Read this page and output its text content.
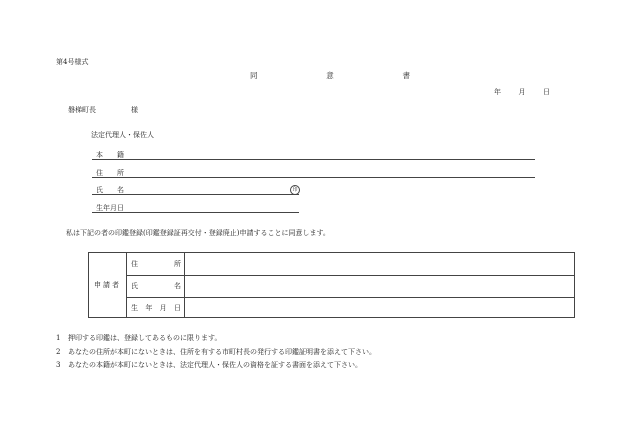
第4号様式
同	意	書
年	月	日
磐梯町長	様
法定代理人・保佐人
本　　籍
住　　所
氏　　名	印
生年月日
私は下記の者の印鑑登録(印鑑登録証再交付・登録廃止)申請することに同意します。
申請者
住	所
氏	名
生 年 月 日
1 押印する印鑑は、登録してあるものに限ります。
2 あなたの住所が本町にないときは、住所を有する市町村長の発行する印鑑証明書を添えて下さい。
3 あなたの本籍が本町にないときは、法定代理人・保佐人の資格を証する書面を添えて下さい。
